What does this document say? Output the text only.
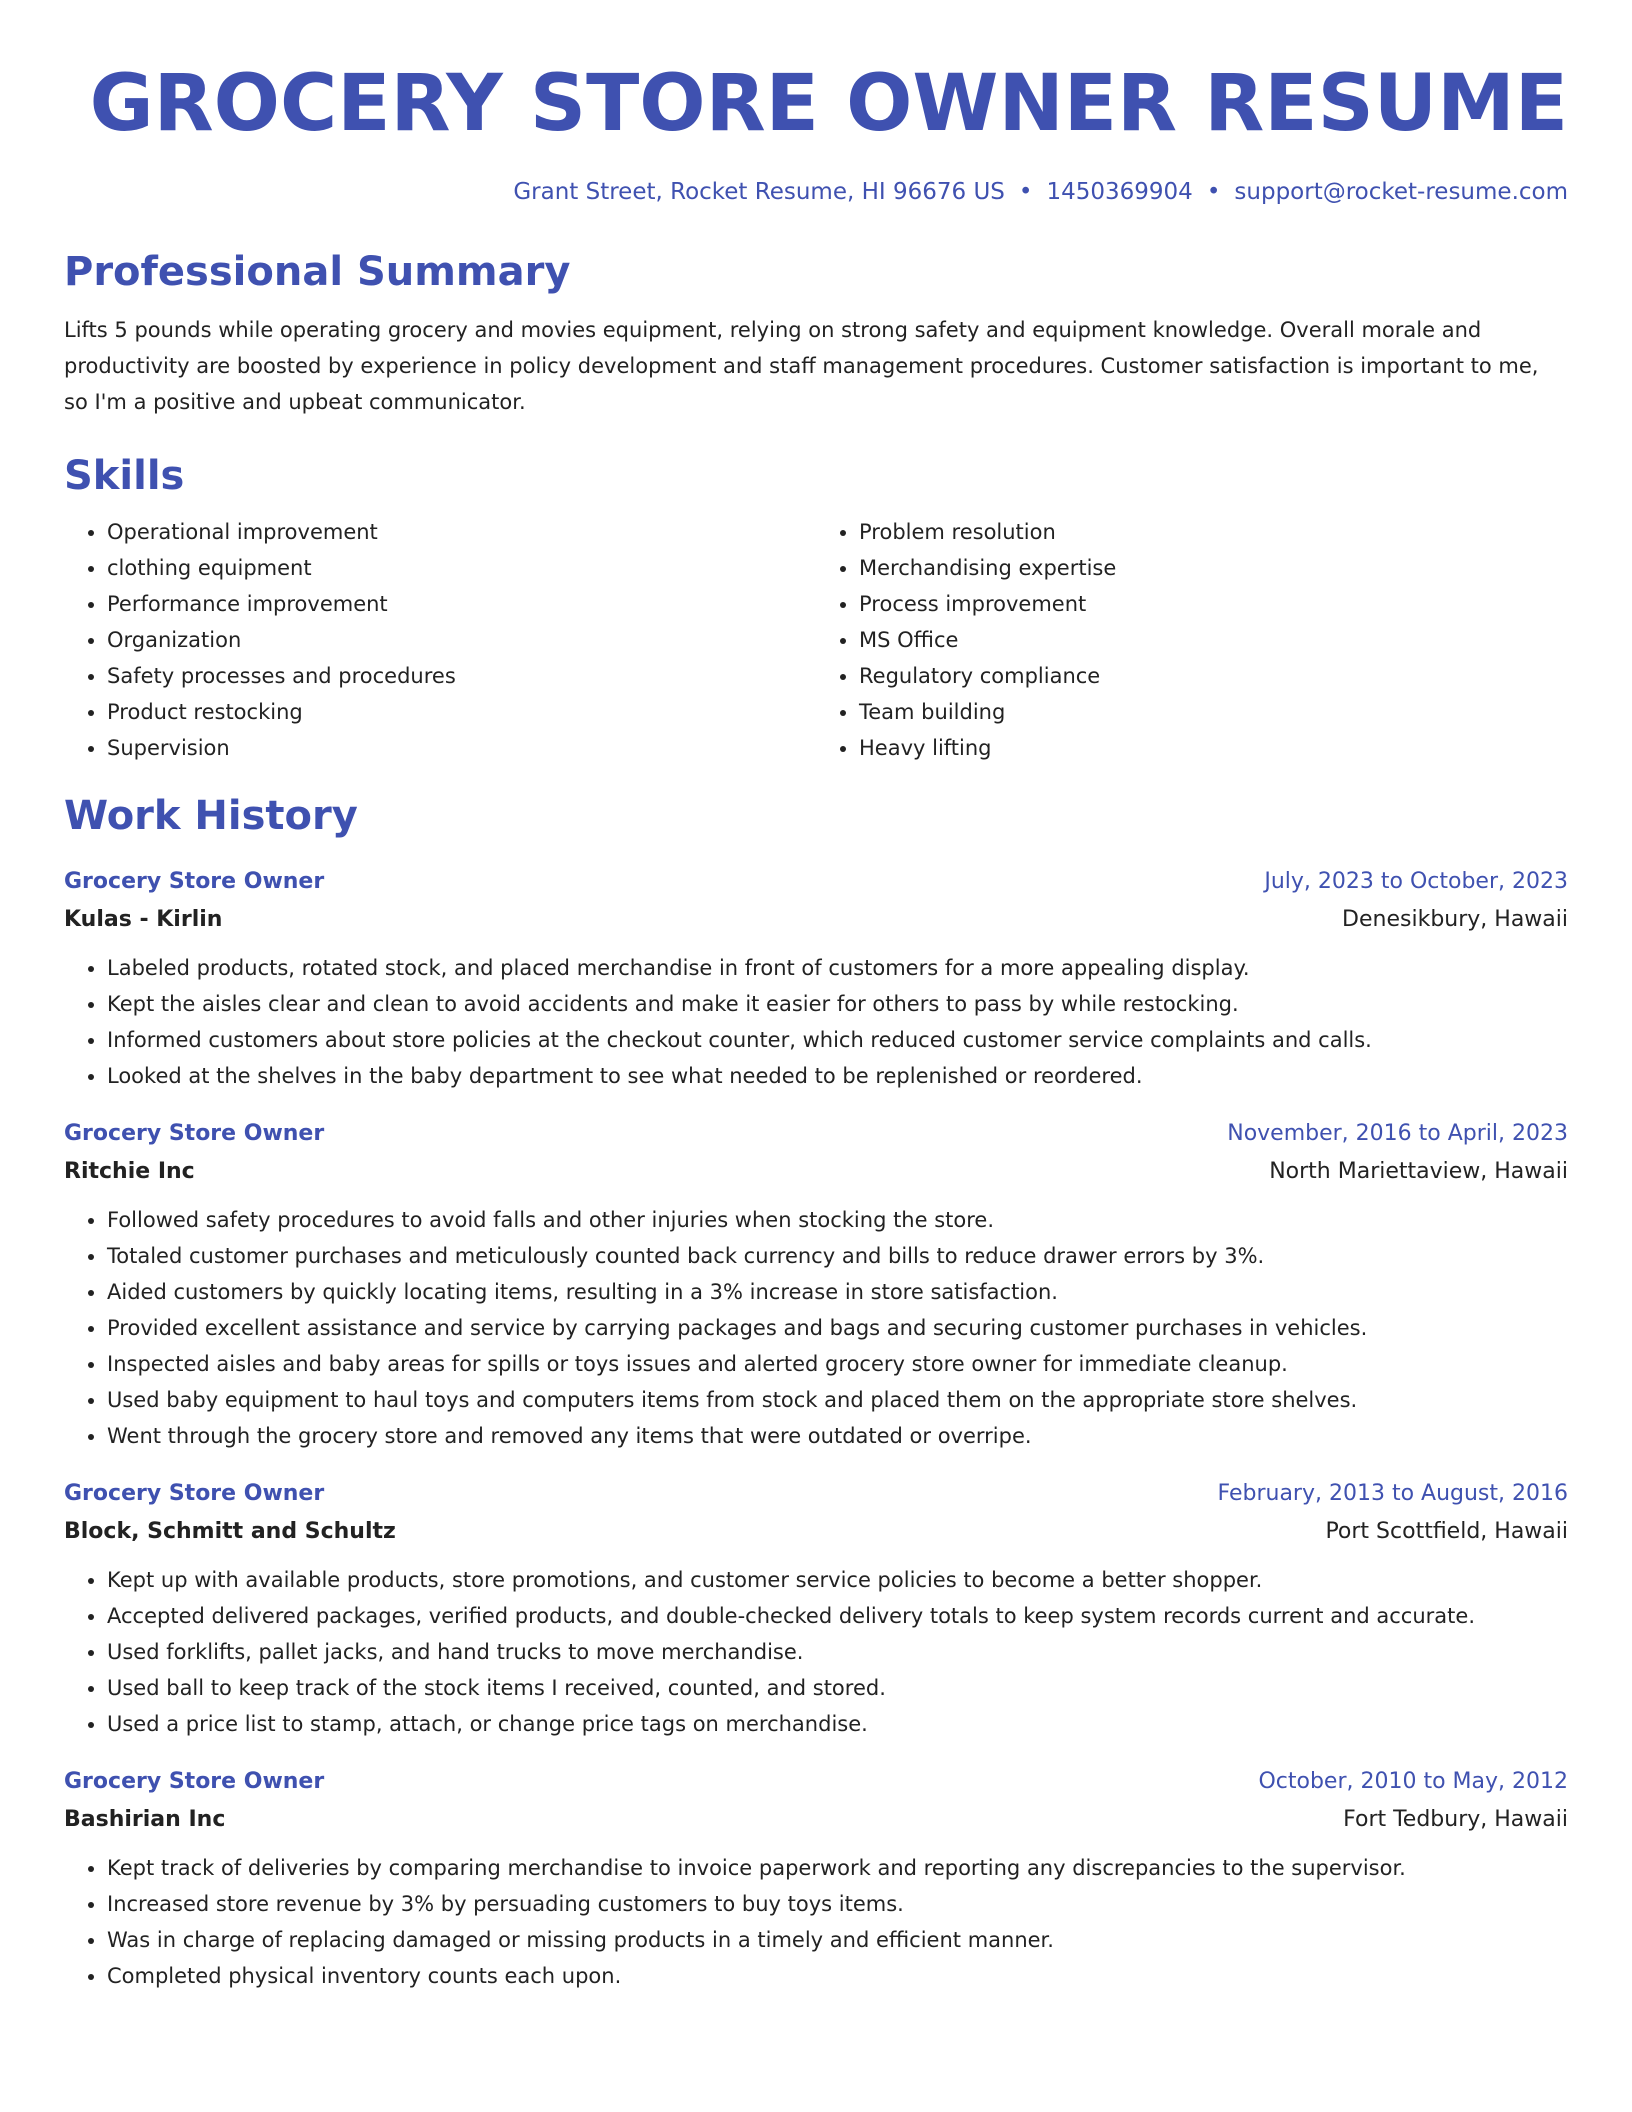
GROCERY STORE OWNER RESUME
Grant Street, Rocket Resume, HI 96676 US • 1450369904 • support@rocket-resume.com
Professional Summary

Lifts 5 pounds while operating grocery and movies equipment, relying on strong safety and equipment knowledge. Overall morale and productivity are boosted by experience in policy development and staff management procedures. Customer satisfaction is important to me, so I'm a positive and upbeat communicator.

Skills
• Operational improvement
• clothing equipment
• Performance improvement
• Organization
• Safety processes and procedures
• Product restocking
• Supervision
• Problem resolution
• Merchandising expertise
• Process improvement
• MS Office
• Regulatory compliance
• Team building
• Heavy lifting
Work History
Grocery Store Owner	July, 2023 to October, 2023
Kulas - Kirlin	Denesikbury, Hawaii
• Labeled products, rotated stock, and placed merchandise in front of customers for a more appealing display.
• Kept the aisles clear and clean to avoid accidents and make it easier for others to pass by while restocking.
• Informed customers about store policies at the checkout counter, which reduced customer service complaints and calls.
• Looked at the shelves in the baby department to see what needed to be replenished or reordered.
Grocery Store Owner	November, 2016 to April, 2023
Ritchie Inc	North Mariettaview, Hawaii
• Followed safety procedures to avoid falls and other injuries when stocking the store.
• Totaled customer purchases and meticulously counted back currency and bills to reduce drawer errors by 3%.
• Aided customers by quickly locating items, resulting in a 3% increase in store satisfaction.
• Provided excellent assistance and service by carrying packages and bags and securing customer purchases in vehicles.
• Inspected aisles and baby areas for spills or toys issues and alerted grocery store owner for immediate cleanup.
• Used baby equipment to haul toys and computers items from stock and placed them on the appropriate store shelves.
• Went through the grocery store and removed any items that were outdated or overripe.
Grocery Store Owner	February, 2013 to August, 2016
Block, Schmitt and Schultz	Port Scottfield, Hawaii
• Kept up with available products, store promotions, and customer service policies to become a better shopper.
• Accepted delivered packages, verified products, and double-checked delivery totals to keep system records current and accurate.
• Used forklifts, pallet jacks, and hand trucks to move merchandise.
• Used ball to keep track of the stock items I received, counted, and stored.
• Used a price list to stamp, attach, or change price tags on merchandise.
Grocery Store Owner	October, 2010 to May, 2012
Bashirian Inc	Fort Tedbury, Hawaii
• Kept track of deliveries by comparing merchandise to invoice paperwork and reporting any discrepancies to the supervisor.
• Increased store revenue by 3% by persuading customers to buy toys items.
• Was in charge of replacing damaged or missing products in a timely and efficient manner.
• Completed physical inventory counts each upon.
